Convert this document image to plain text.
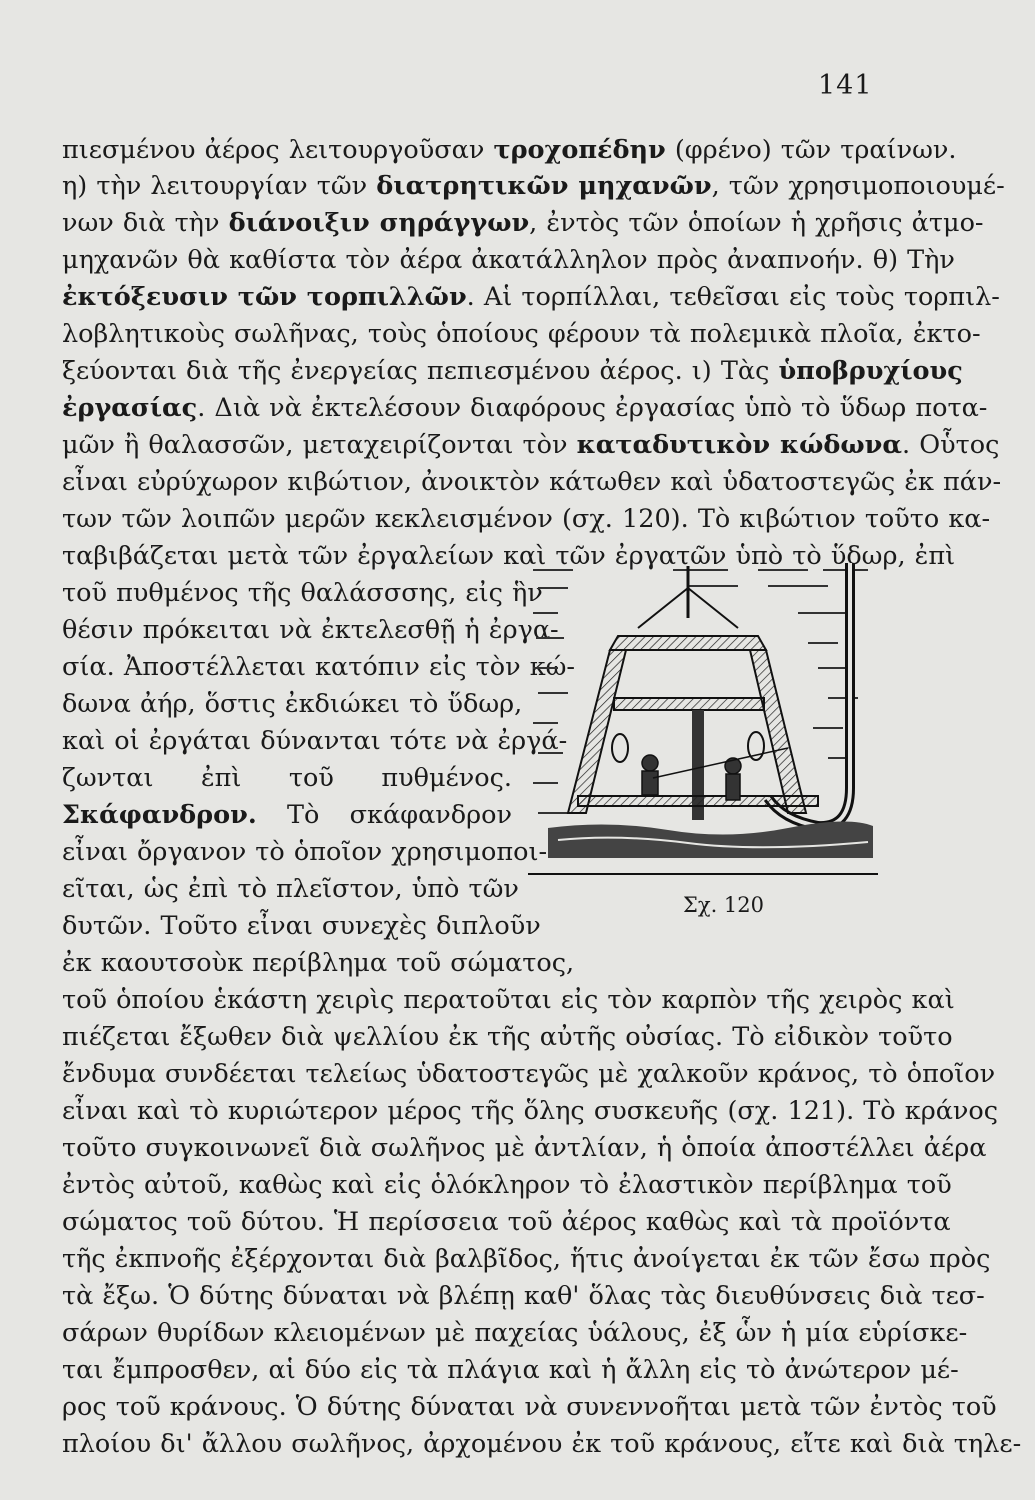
141
πιεσμένου ἀέρος λειτουργοῦσαν τροχοπέδην (φρένο) τῶν τραίνων.
η) τὴν λειτουργίαν τῶν διατρητικῶν μηχανῶν, τῶν χρησιμοποιουμέ-
νων διὰ τὴν διάνοιξιν σηράγγων, ἐντὸς τῶν ὁποίων ἡ χρῆσις ἀτμο-
μηχανῶν θὰ καθίστα τὸν ἀέρα ἀκατάλληλον πρὸς ἀναπνοήν. θ) Τὴν
ἐκτόξευσιν τῶν τορπιλλῶν. Αἱ τορπίλλαι, τεθεῖσαι εἰς τοὺς τορπιλ-
λοβλητικοὺς σωλῆνας, τοὺς ὁποίους φέρουν τὰ πολεμικὰ πλοῖα, ἐκτο-
ξεύονται διὰ τῆς ἐνεργείας πεπιεσμένου ἀέρος. ι) Τὰς ὑποβρυχίους
ἐργασίας. Διὰ νὰ ἐκτελέσουν διαφόρους ἐργασίας ὑπὸ τὸ ὕδωρ ποτα-
μῶν ἢ θαλασσῶν, μεταχειρίζονται τὸν καταδυτικὸν κώδωνα. Οὗτος
εἶναι εὐρύχωρον κιβώτιον, ἀνοικτὸν κάτωθεν καὶ ὑδατοστεγῶς ἐκ πάν-
των τῶν λοιπῶν μερῶν κεκλεισμένον (σχ. 120). Τὸ κιβώτιον τοῦτο κα-
ταβιβάζεται μετὰ τῶν ἐργαλείων καὶ τῶν ἐργατῶν ὑπὸ τὸ ὕδωρ, ἐπὶ
τοῦ πυθμένος τῆς θαλάσσσης, εἰς ἣν
θέσιν πρόκειται νὰ ἐκτελεσθῇ ἡ ἐργα-
σία. Ἀποστέλλεται κατόπιν εἰς τὸν κώ-
δωνα ἀήρ, ὅστις ἐκδιώκει τὸ ὕδωρ,
καὶ οἱ ἐργάται δύνανται τότε νὰ ἐργά-
ζωνται ἐπὶ τοῦ πυθμένος.
Σκάφανδρον. Τὸ σκάφανδρον
εἶναι ὄργανον τὸ ὁποῖον χρησιμοποι-
εῖται, ὡς ἐπὶ τὸ πλεῖστον, ὑπὸ τῶν
δυτῶν. Τοῦτο εἶναι συνεχὲς διπλοῦν
ἐκ καουτσοὺκ περίβλημα τοῦ σώματος,
τοῦ ὁποίου ἑκάστη χειρὶς περατοῦται εἰς τὸν καρπὸν τῆς χειρὸς καὶ
πιέζεται ἔξωθεν διὰ ψελλίου ἐκ τῆς αὐτῆς οὐσίας. Τὸ εἰδικὸν τοῦτο
ἔνδυμα συνδέεται τελείως ὑδατοστεγῶς μὲ χαλκοῦν κράνος, τὸ ὁποῖον
εἶναι καὶ τὸ κυριώτερον μέρος τῆς ὅλης συσκευῆς (σχ. 121). Τὸ κράνος
τοῦτο συγκοινωνεῖ διὰ σωλῆνος μὲ ἀντλίαν, ἡ ὁποία ἀποστέλλει ἀέρα
ἐντὸς αὐτοῦ, καθὼς καὶ εἰς ὁλόκληρον τὸ ἐλαστικὸν περίβλημα τοῦ
σώματος τοῦ δύτου. Ἡ περίσσεια τοῦ ἀέρος καθὼς καὶ τὰ προϊόντα
τῆς ἐκπνοῆς ἐξέρχονται διὰ βαλβῖδος, ἥτις ἀνοίγεται ἐκ τῶν ἔσω πρὸς
τὰ ἔξω. Ὁ δύτης δύναται νὰ βλέπῃ καθ' ὅλας τὰς διευθύνσεις διὰ τεσ-
σάρων θυρίδων κλειομένων μὲ παχείας ὑάλους, ἐξ ὧν ἡ μία εὑρίσκε-
ται ἔμπροσθεν, αἱ δύο εἰς τὰ πλάγια καὶ ἡ ἄλλη εἰς τὸ ἀνώτερον μέ-
ρος τοῦ κράνους. Ὁ δύτης δύναται νὰ συνεννοῆται μετὰ τῶν ἐντὸς τοῦ
πλοίου δι' ἄλλου σωλῆνος, ἀρχομένου ἐκ τοῦ κράνους, εἴτε καὶ διὰ τηλε-
Σχ. 120
